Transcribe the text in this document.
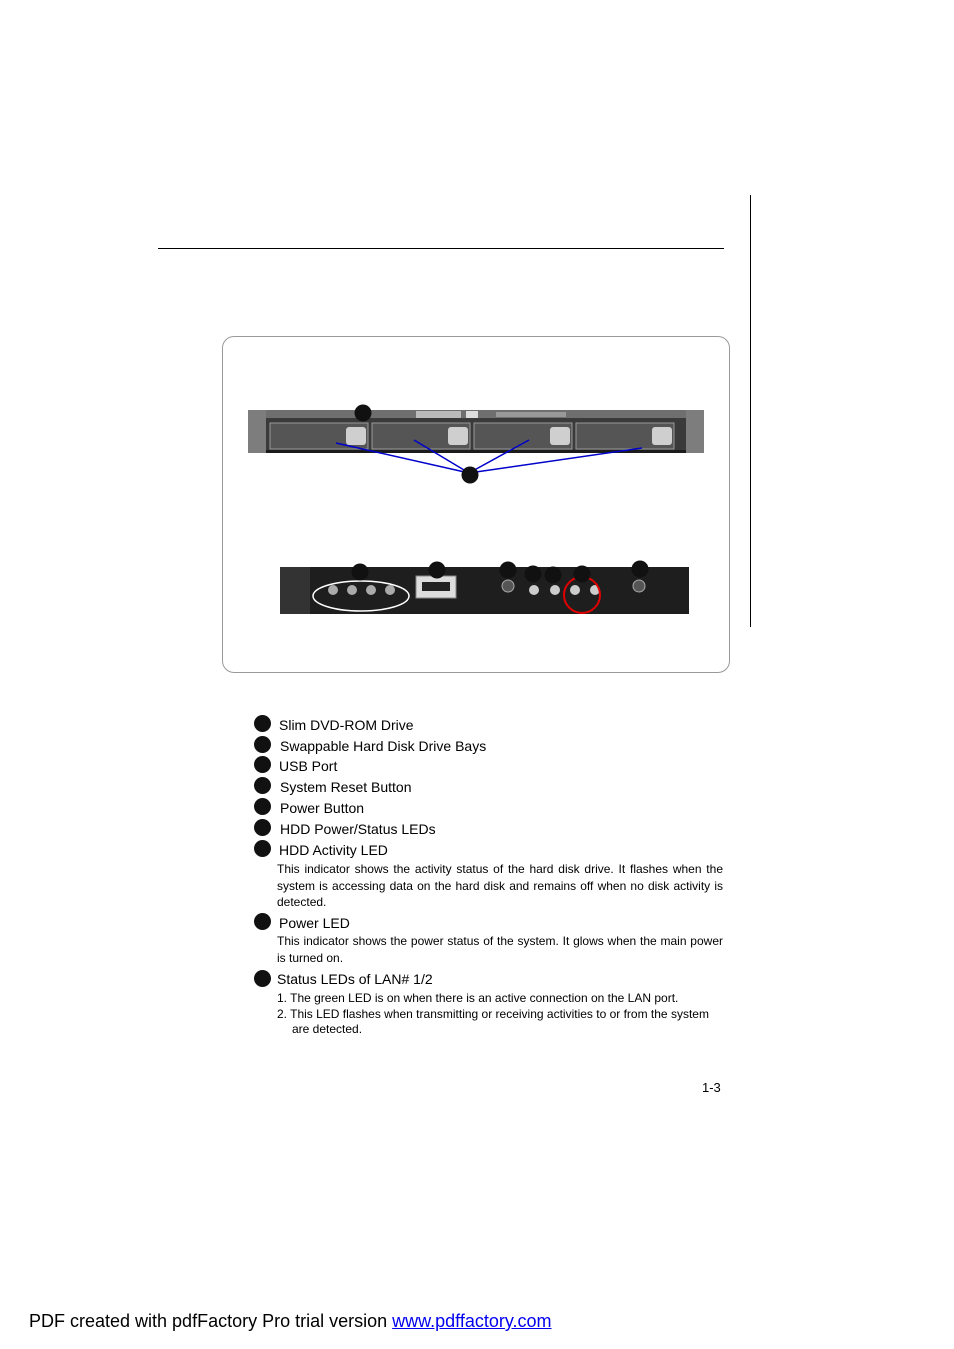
Slim DVD-ROM Drive
Swappable Hard Disk Drive Bays
USB Port
System Reset Button
Power Button
HDD Power/Status LEDs
HDD Activity LED

This indicator shows the activity status of the hard disk drive. It flashes when the system is accessing data on the hard disk and remains off when no disk activity is detected.

Power LED

This indicator shows the power status of the system. It glows when the main power is turned on.

Status LEDs of LAN# 1/2
1. The green LED is on when there is an active connection on the LAN port.
2. This LED flashes when transmitting or receiving activities to or from the system are detected.
1-3
PDF created with pdfFactory Pro trial version www.pdffactory.com
